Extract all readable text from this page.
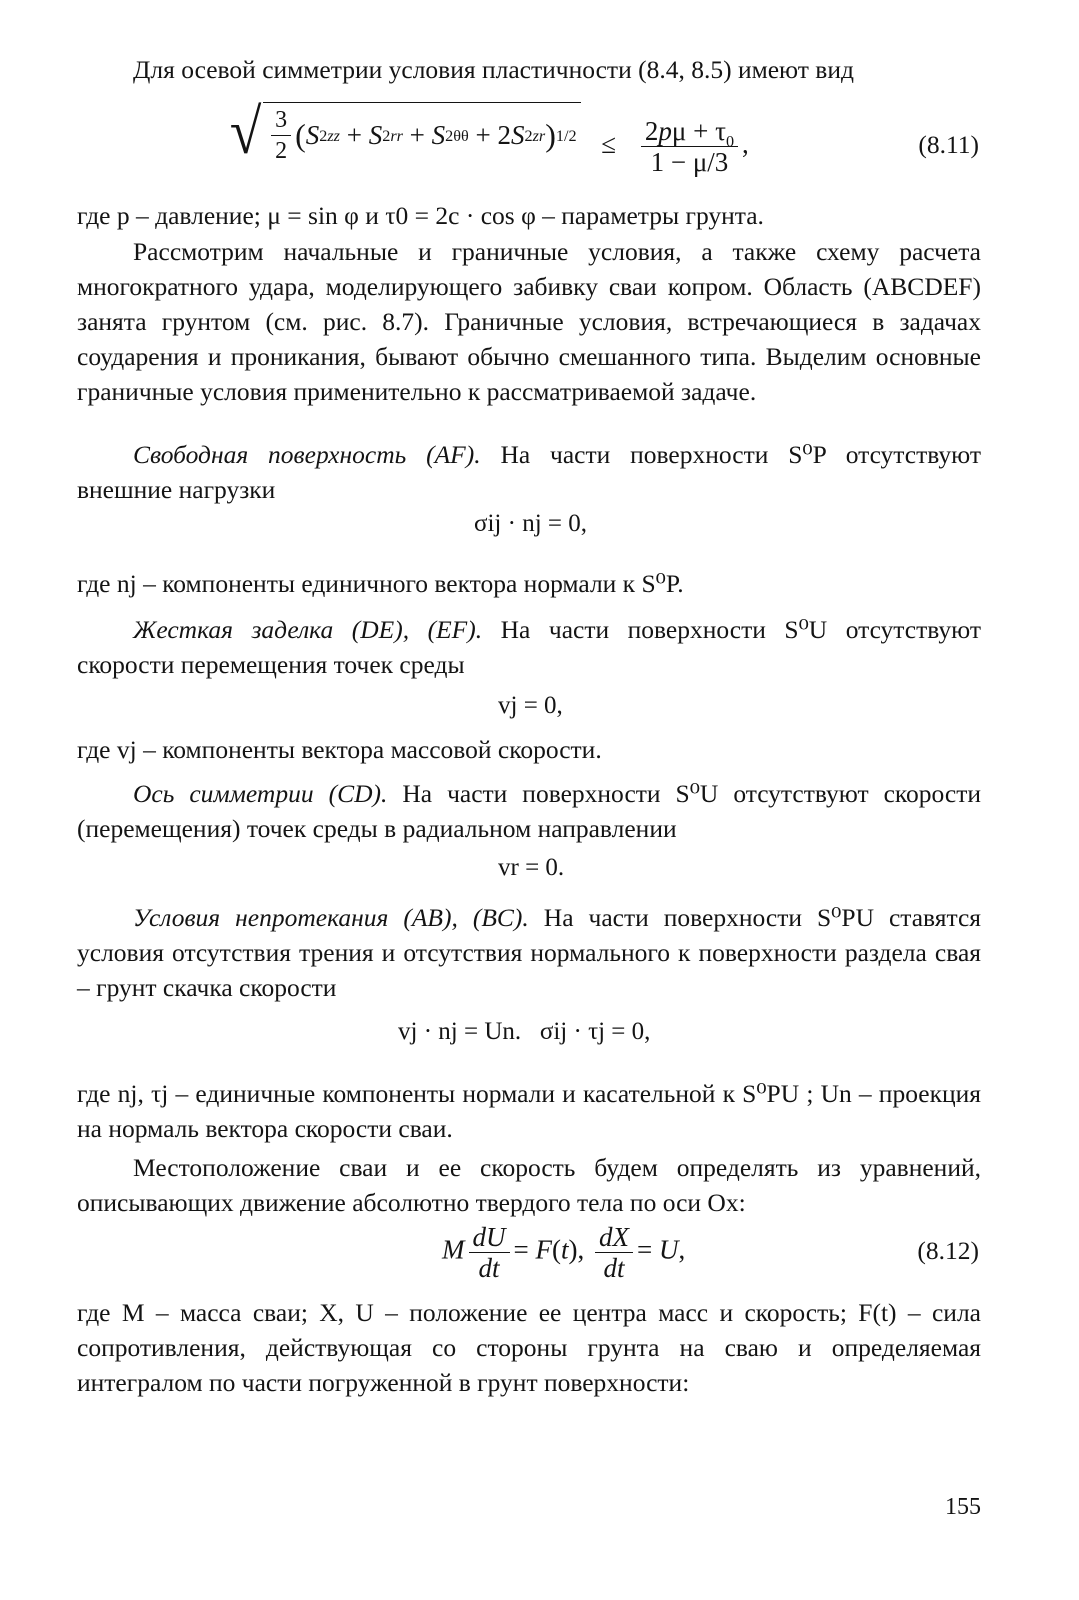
Для осевой симметрии условия пластичности (8.4, 8.5) имеют вид

√ $\frac{3}{2}$ ( S 2 zz + S 2 rr + S 2 θθ + 2 S 2 zr ) $1/2 \le \frac{2p\mu + \tau_0}{1 - \mu/3}$ ,	(8.11)

где p – давление; μ = sin φ и τ0 = 2c · cos φ – параметры грунта.

Рассмотрим начальные и граничные условия, а также схему расчета многократного удара, моделирующего забивку сваи копром. Область (ABCDEF) занята грунтом (см. рис. 8.7). Граничные условия, встречающиеся в задачах соударения и проникания, бывают обычно смешанного типа. Выделим основные граничные условия применительно к рассматриваемой задаче.

Свободная поверхность (AF). На части поверхности S⁰P отсутствуют внешние нагрузки

σij · nj = 0,

где nj – компоненты единичного вектора нормали к S⁰P.

Жесткая заделка (DE), (EF). На части поверхности S⁰U отсутствуют скорости перемещения точек среды

vj = 0,

где vj – компоненты вектора массовой скорости.

Ось симметрии (CD). На части поверхности S⁰U отсутствуют скорости (перемещения) точек среды в радиальном направлении

vr = 0.

Условия непротекания (AB), (BC). На части поверхности S⁰PU ставятся условия отсутствия трения и отсутствия нормального к поверхности раздела свая – грунт скачка скорости

vj · nj = Un.   σij · τj = 0,

где nj, τj – единичные компоненты нормали и касательной к S⁰PU ; Un – проекция на нормаль вектора скорости сваи.

Местоположение сваи и ее скорость будем определять из уравнений, описывающих движение абсолютно твердого тела по оси Ox:

M $\frac{dU}{dt} = F(t)$, $\frac{dX}{dt} = U$,	(8.12)

где M – масса сваи; X, U – положение ее центра масс и скорость; F(t) – сила сопротивления, действующая со стороны грунта на сваю и определяемая интегралом по части погруженной в грунт поверхности:

155
